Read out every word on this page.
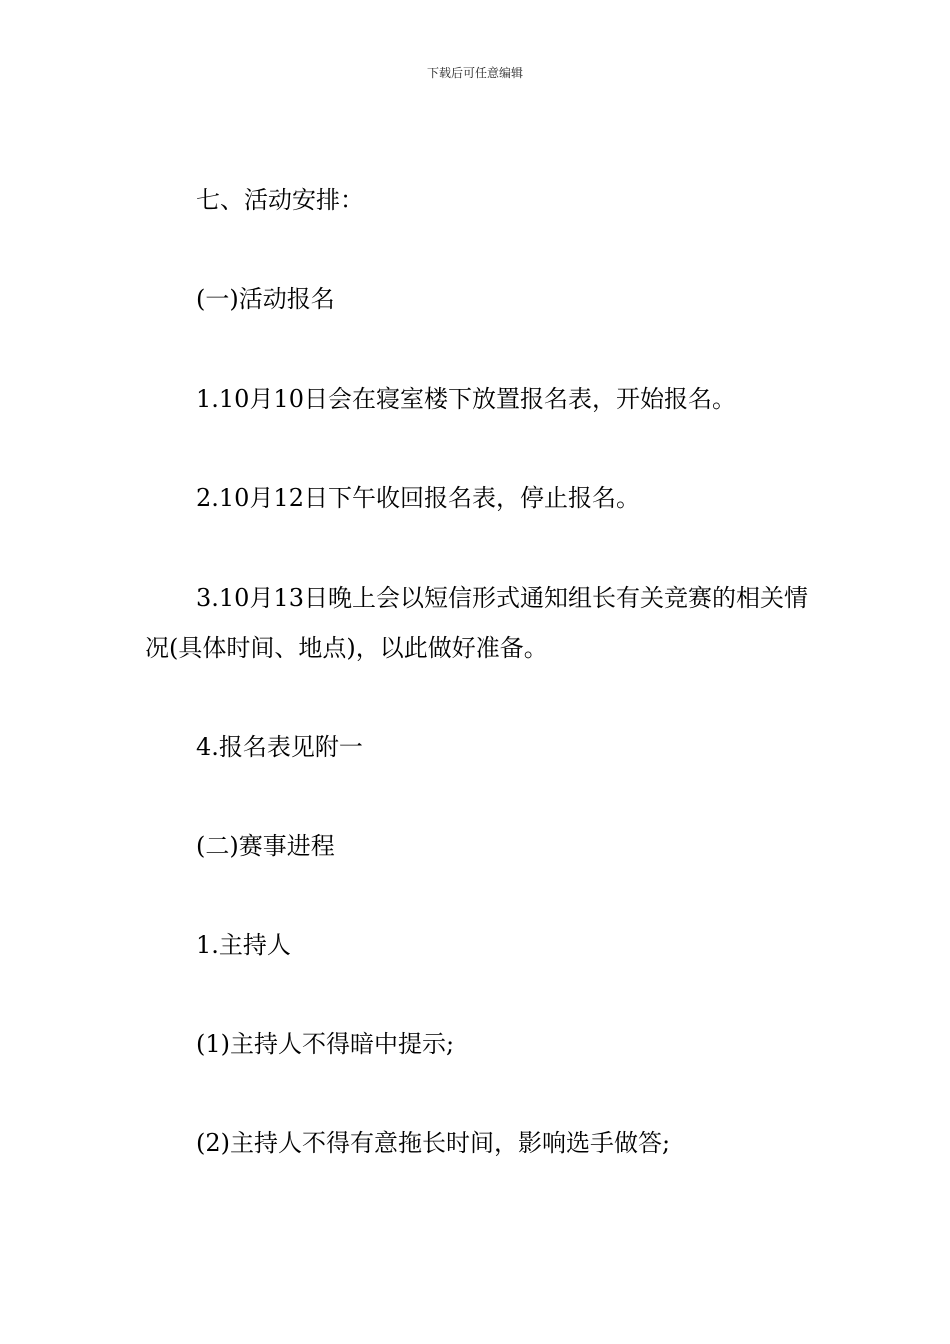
下载后可任意编辑

七、活动安排：

(一)活动报名

1.10月10日会在寝室楼下放置报名表，开始报名。

2.10月12日下午收回报名表，停止报名。

3.10月13日晚上会以短信形式通知组长有关竞赛的相关情况(具体时间、地点)，以此做好准备。

4.报名表见附一

(二)赛事进程

1.主持人

(1)主持人不得暗中提示;

(2)主持人不得有意拖长时间，影响选手做答;
